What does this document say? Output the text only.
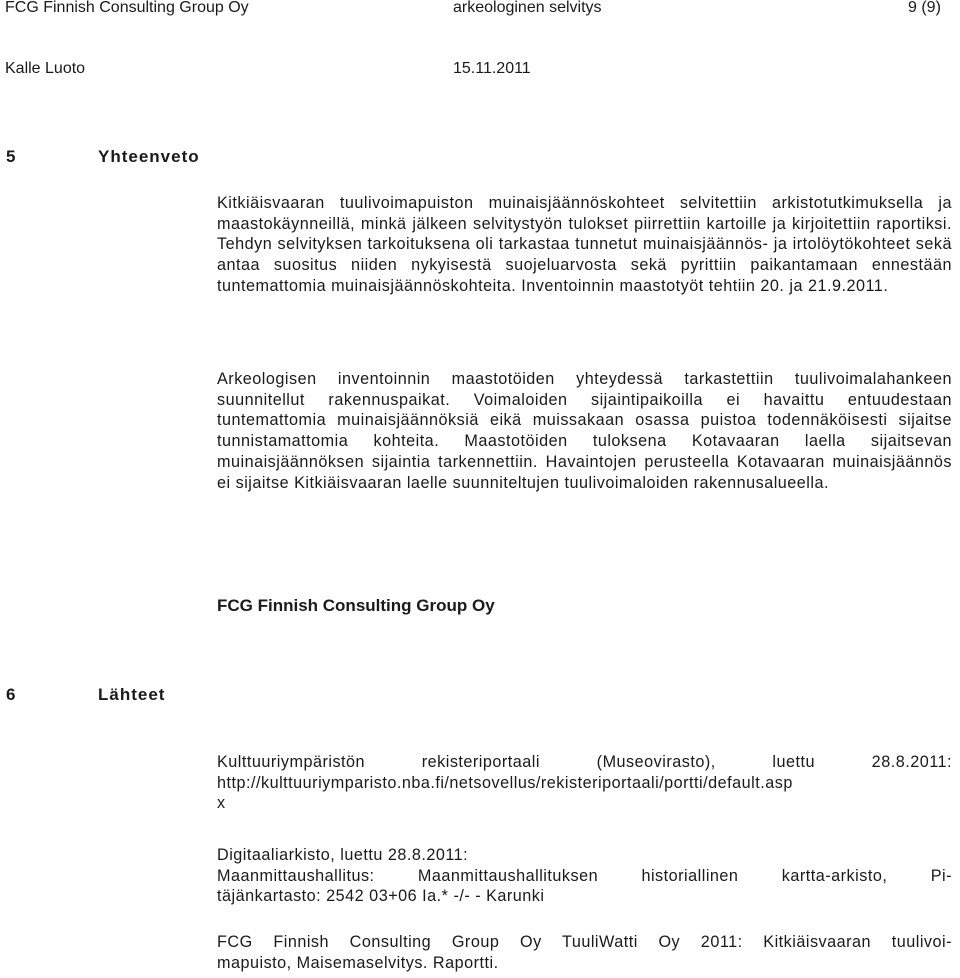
FCG Finnish Consulting Group Oy	arkeologinen selvitys	9 (9)
Kalle Luoto	15.11.2011
5	Yhteenveto
Kitkiäisvaaran tuulivoimapuiston muinaisjäännöskohteet selvitettiin arkistotutkimuksella ja maastokäynneillä, minkä jälkeen selvitystyön tulokset piirrettiin kartoille ja kirjoitettiin raportiksi. Tehdyn selvityksen tarkoituksena oli tarkastaa tunnetut muinaisjäännös- ja irtolöytökohteet sekä antaa suositus niiden nykyisestä suojeluarvosta sekä pyrittiin paikantamaan ennestään tuntemattomia muinaisjäännöskohteita. Inventoinnin maastotyöt tehtiin 20. ja 21.9.2011.
Arkeologisen inventoinnin maastotöiden yhteydessä tarkastettiin tuulivoimalahankeen suunnitellut rakennuspaikat. Voimaloiden sijaintipaikoilla ei havaittu entuudestaan tuntemattomia muinaisjäännöksiä eikä muissakaan osassa puistoa todennäköisesti sijaitse tunnistamattomia kohteita. Maastotöiden tuloksena Kotavaaran laella sijaitsevan muinaisjäännöksen sijaintia tarkennettiin. Havaintojen perusteella Kotavaaran muinaisjäännös ei sijaitse Kitkiäisvaaran laelle suunniteltujen tuulivoimaloiden rakennusalueella.
FCG Finnish Consulting Group Oy
6	Lähteet
Kulttuuriympäristön rekisteriportaali (Museovirasto), luettu 28.8.2011:
http://kulttuuriymparisto.nba.fi/netsovellus/rekisteriportaali/portti/default.asp
x
Digitaaliarkisto, luettu 28.8.2011:
Maanmittaushallitus: Maanmittaushallituksen historiallinen kartta-arkisto, Pi-
täjänkartasto: 2542 03+06 Ia.* -/- - Karunki
FCG Finnish Consulting Group Oy TuuliWatti Oy 2011: Kitkiäisvaaran tuulivoi-
mapuisto, Maisemaselvitys. Raportti.
